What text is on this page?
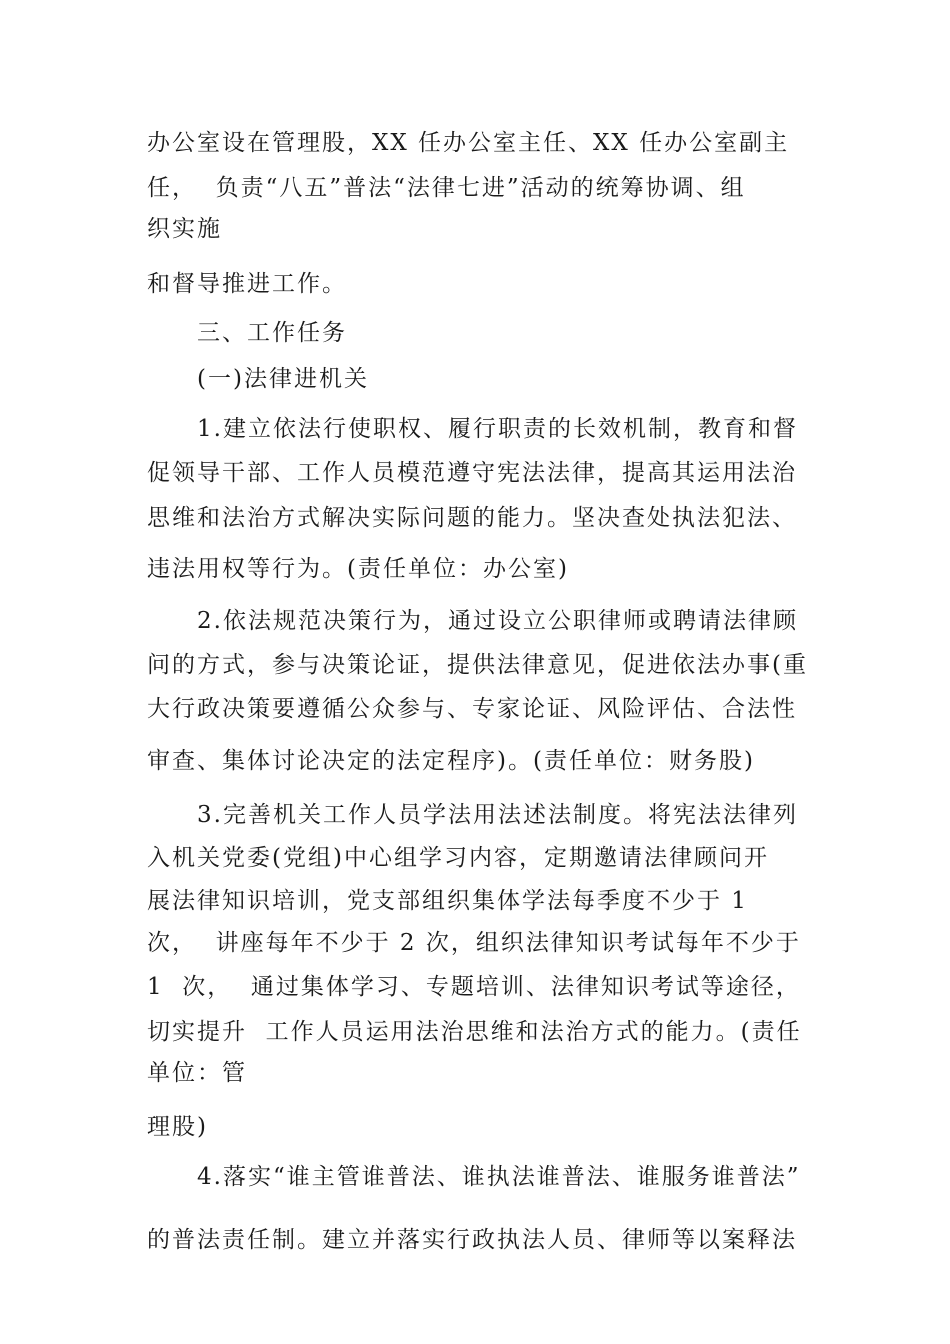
办公室设在管理股，XX 任办公室主任、XX 任办公室副主
任，  负责“八五”普法“法律七进”活动的统筹协调、组
织实施
和督导推进工作。
三、工作任务
(一)法律进机关
1.建立依法行使职权、履行职责的长效机制，教育和督
促领导干部、工作人员模范遵守宪法法律，提高其运用法治
思维和法治方式解决实际问题的能力。坚决查处执法犯法、
违法用权等行为。(责任单位：办公室)
2.依法规范决策行为，通过设立公职律师或聘请法律顾
问的方式，参与决策论证，提供法律意见，促进依法办事(重
大行政决策要遵循公众参与、专家论证、风险评估、合法性
审查、集体讨论决定的法定程序)。(责任单位：财务股)
3.完善机关工作人员学法用法述法制度。将宪法法律列
入机关党委(党组)中心组学习内容，定期邀请法律顾问开
展法律知识培训，党支部组织集体学法每季度不少于 1
次，  讲座每年不少于 2 次，组织法律知识考试每年不少于
1  次，  通过集体学习、专题培训、法律知识考试等途径，
切实提升  工作人员运用法治思维和法治方式的能力。(责任
单位：管
理股)
4.落实“谁主管谁普法、谁执法谁普法、谁服务谁普法”
的普法责任制。建立并落实行政执法人员、律师等以案释法
